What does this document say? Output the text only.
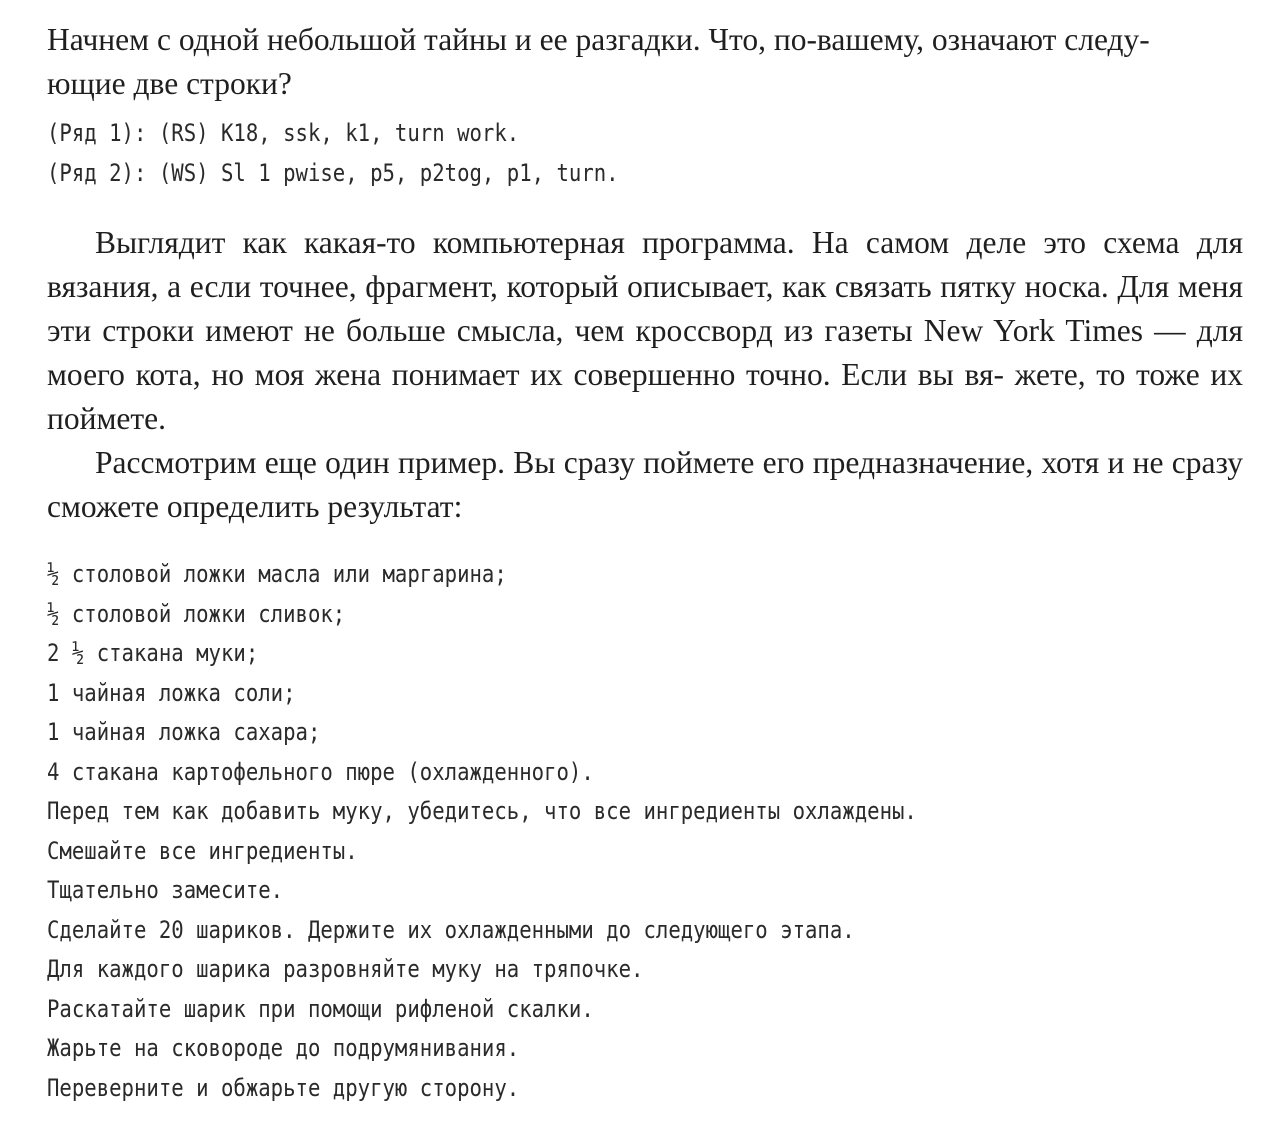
Начнем с одной небольшой тайны и ее разгадки. Что, по-вашему, означают следу-
ющие две строки?

(Ряд 1): (RS) K18, ssk, k1, turn work.
(Ряд 2): (WS) Sl 1 pwise, p5, p2tog, p1, turn.

Выглядит как какая-то компьютерная программа. На самом деле это схема для вязания, а если точнее, фрагмент, который описывает, как связать пятку носка. Для меня эти строки имеют не больше смысла, чем кроссворд из газеты New York Times — для моего кота, но моя жена понимает их совершенно точно. Если вы вя- жете, то тоже их поймете.

Рассмотрим еще один пример. Вы сразу поймете его предназначение, хотя и не сразу сможете определить результат:

½ столовой ложки масла или маргарина;
½ столовой ложки сливок;
2 ½ стакана муки;
1 чайная ложка соли;
1 чайная ложка сахара;
4 стакана картофельного пюре (охлажденного).
Перед тем как добавить муку, убедитесь, что все ингредиенты охлаждены.
Смешайте все ингредиенты.
Тщательно замесите.
Сделайте 20 шариков. Держите их охлажденными до следующего этапа.
Для каждого шарика разровняйте муку на тряпочке.
Раскатайте шарик при помощи рифленой скалки.
Жарьте на сковороде до подрумянивания.
Переверните и обжарьте другую сторону.
